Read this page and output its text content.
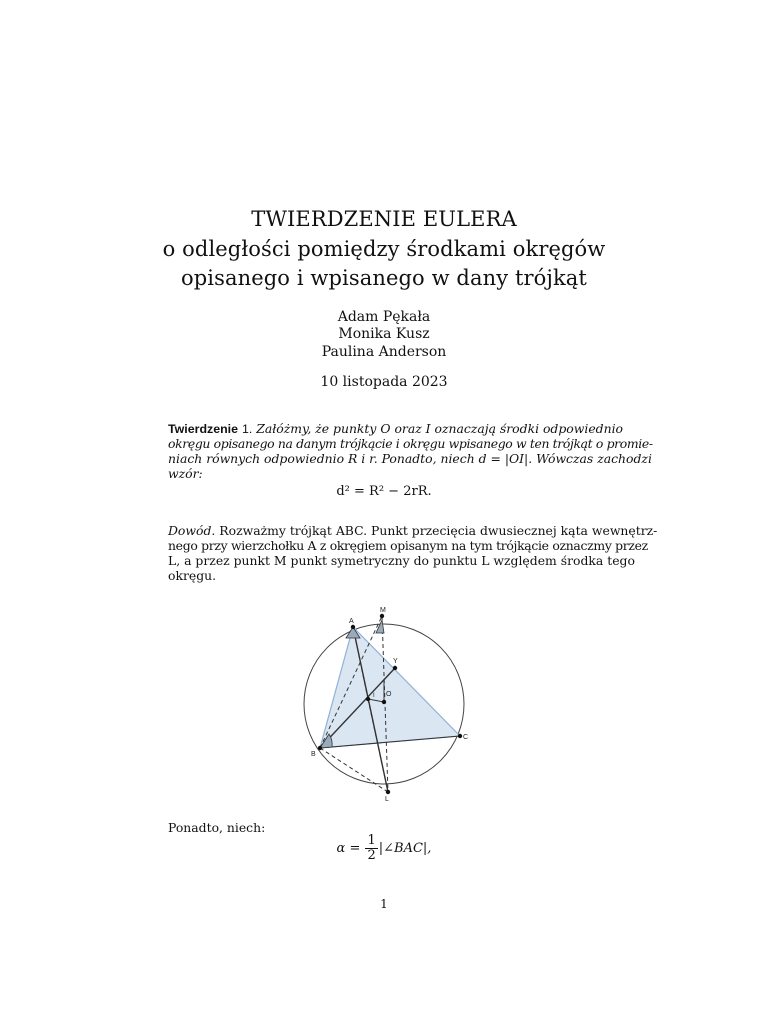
TWIERDZENIE EULERA
o odległości pomiędzy środkami okręgów
opisanego i wpisanego w dany trójkąt
Adam Pękała
Monika Kusz
Paulina Anderson
10 listopada 2023
Twierdzenie 1. Załóżmy, że punkty O oraz I oznaczają środki odpowiednio
okręgu opisanego na danym trójkącie i okręgu wpisanego w ten trójkąt o promie-
niach równych odpowiednio R i r. Ponadto, niech d = |OI|. Wówczas zachodzi
wzór:
d² = R² − 2rR.
Dowód. Rozważmy trójkąt ABC. Punkt przecięcia dwusiecznej kąta wewnętrz-
nego przy wierzchołku A z okręgiem opisanym na tym trójkącie oznaczmy przez
L, a przez punkt M punkt symetryczny do punktu L względem środka tego
okręgu.
A
M
B
C
L
O
I
Y
Ponadto, niech:
$\alpha = \frac{1}{2}$ |∠BAC|,
1
